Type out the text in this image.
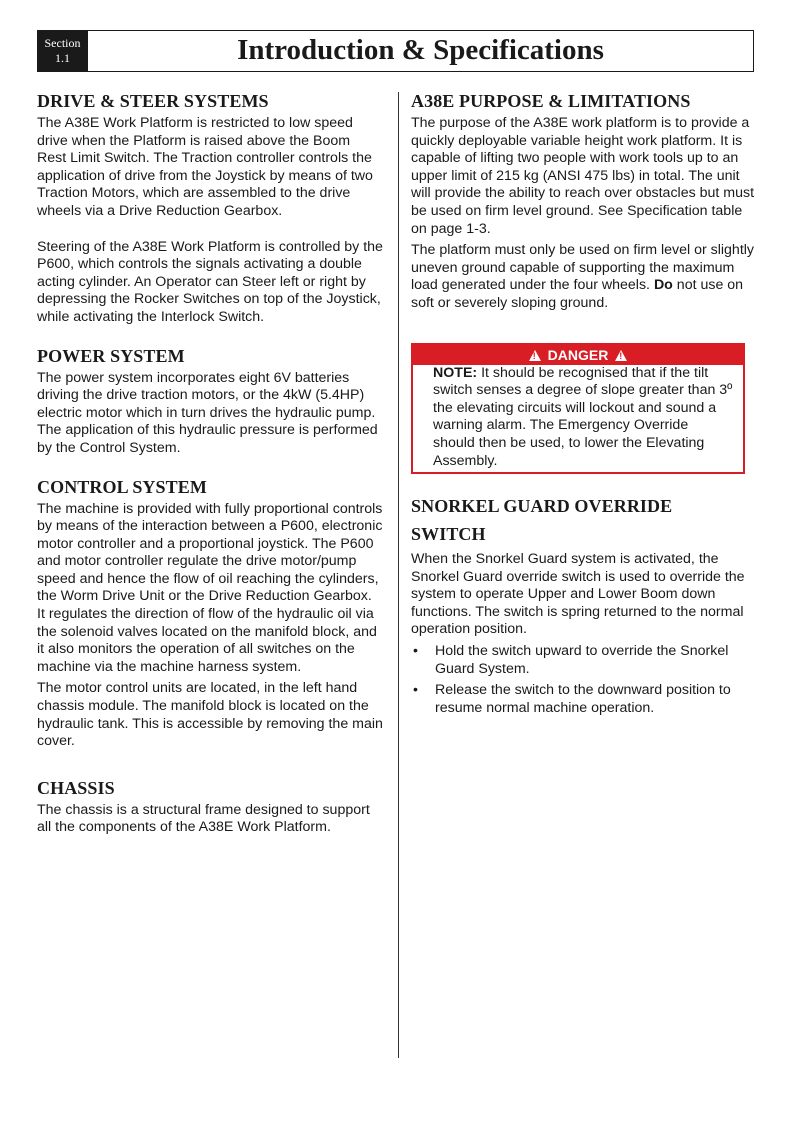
Section
1.1	Introduction & Specifications
DRIVE & STEER SYSTEMS

The A38E Work Platform is restricted to low speed drive when the Platform is raised above the Boom Rest Limit Switch. The Traction controller controls the application of drive from the Joystick by means of two Traction Motors, which are assembled to the drive wheels via a Drive Reduction Gearbox.

Steering of the A38E Work Platform is controlled by the P600, which controls the signals activating a double acting cylinder. An Operator can Steer left or right by depressing the Rocker Switches on top of the Joystick, while activating the Interlock Switch.

POWER SYSTEM

The power system incorporates eight 6V batteries driving the drive traction motors, or the 4kW (5.4HP) electric motor which in turn drives the hydraulic pump. The application of this hydraulic pressure is performed by the Control System.

CONTROL SYSTEM

The machine is provided with fully proportional controls by means of the interaction between a P600, electronic motor controller and a proportional joystick. The P600 and motor controller regulate the drive motor/pump speed and hence the flow of oil reaching the cylinders, the Worm Drive Unit or the Drive Reduction Gearbox. It regulates the direction of flow of the hydraulic oil via the solenoid valves located on the manifold block, and it also monitors the operation of all switches on the machine via the machine harness system.

The motor control units are located, in the left hand chassis module. The manifold block is located on the hydraulic tank. This is accessible by removing the main cover.

CHASSIS

The chassis is a structural frame designed to support all the components of the A38E Work Platform.

A38E PURPOSE & LIMITATIONS

The purpose of the A38E work platform is to provide a quickly deployable variable height work platform. It is capable of lifting two people with work tools up to an upper limit of 215 kg (ANSI 475 lbs) in total. The unit will provide the ability to reach over obstacles but must be used on firm level ground. See Specification table on page 1-3.

The platform must only be used on firm level or slightly uneven ground capable of supporting the maximum load generated under the four wheels. Do not use on soft or severely sloping ground.

! DANGER !
NOTE: It should be recognised that if the tilt switch senses a degree of slope greater than 3º the elevating circuits will lockout and sound a warning alarm. The Emergency Override should then be used, to lower the Elevating Assembly.
SNORKEL GUARD OVERRIDE
SWITCH

When the Snorkel Guard system is activated, the Snorkel Guard override switch is used to override the system to operate Upper and Lower Boom down functions. The switch is spring returned to the normal operation position.

• Hold the switch upward to override the Snorkel Guard System.
• Release the switch to the downward position to resume normal machine operation.
